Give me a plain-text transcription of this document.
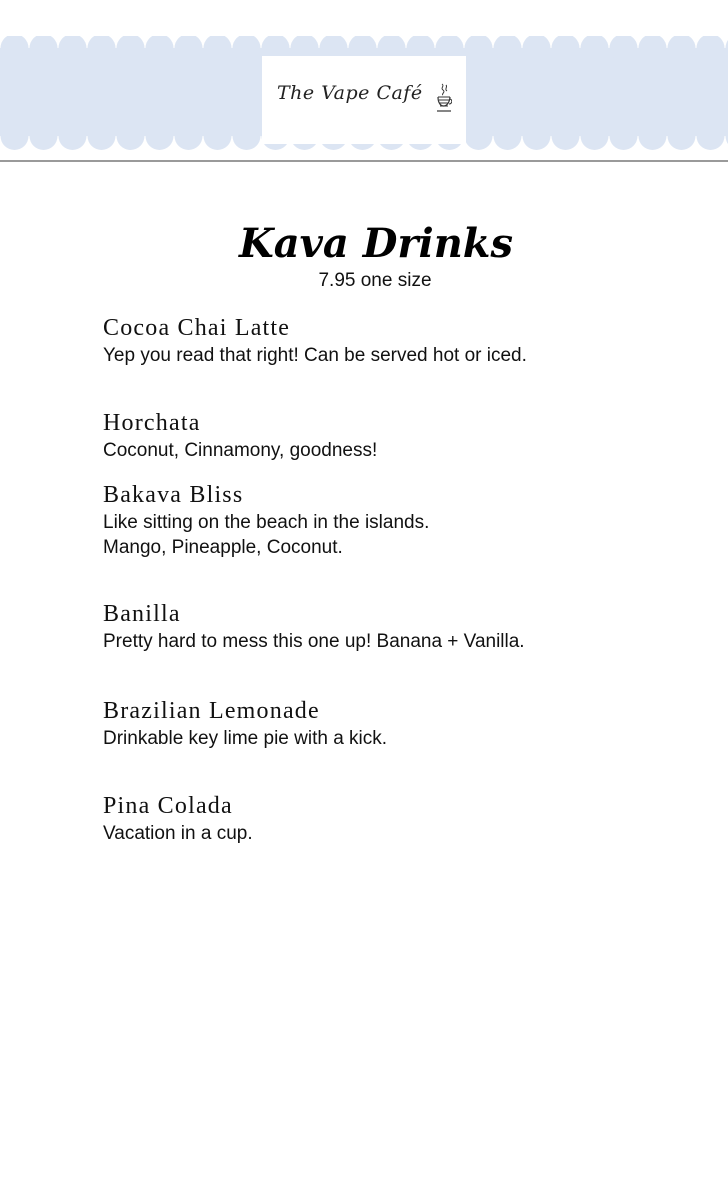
The Vape Café
Kava Drinks
7.95 one size
Cocoa Chai Latte
Yep you read that right! Can be served hot or iced.
Horchata
Coconut, Cinnamony, goodness!
Bakava Bliss
Like sitting on the beach in the islands.
Mango, Pineapple, Coconut.
Banilla
Pretty hard to mess this one up! Banana + Vanilla.
Brazilian Lemonade
Drinkable key lime pie with a kick.
Pina Colada
Vacation in a cup.
